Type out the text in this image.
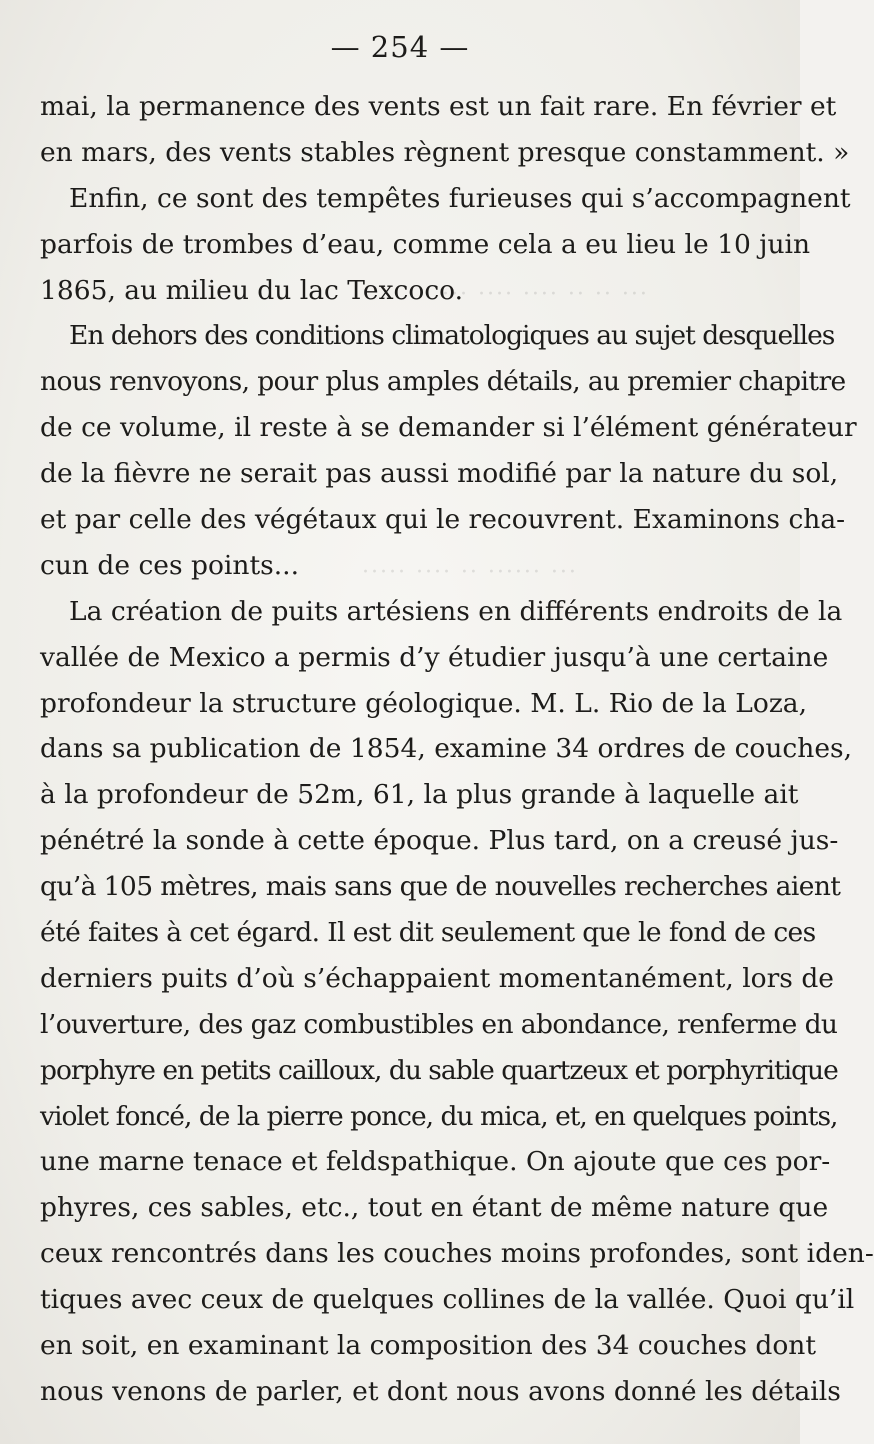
··· ·· ·· ···· ···· ···
··· ······ ·· ···· ·····
— 254 —
mai, la permanence des vents est un fait rare. En février et
en mars, des vents stables règnent presque constamment. »
Enfin, ce sont des tempêtes furieuses qui s’accompagnent
parfois de trombes d’eau, comme cela a eu lieu le 10 juin
1865, au milieu du lac Texcoco.
En dehors des conditions climatologiques au sujet desquelles
nous renvoyons, pour plus amples détails, au premier chapitre
de ce volume, il reste à se demander si l’élément générateur
de la fièvre ne serait pas aussi modifié par la nature du sol,
et par celle des végétaux qui le recouvrent. Examinons cha-
cun de ces points...
La création de puits artésiens en différents endroits de la
vallée de Mexico a permis d’y étudier jusqu’à une certaine
profondeur la structure géologique. M. L. Rio de la Loza,
dans sa publication de 1854, examine 34 ordres de couches,
à la profondeur de 52m, 61, la plus grande à laquelle ait
pénétré la sonde à cette époque. Plus tard, on a creusé jus-
qu’à 105 mètres, mais sans que de nouvelles recherches aient
été faites à cet égard. Il est dit seulement que le fond de ces
derniers puits d’où s’échappaient momentanément, lors de
l’ouverture, des gaz combustibles en abondance, renferme du
porphyre en petits cailloux, du sable quartzeux et porphyritique
violet foncé, de la pierre ponce, du mica, et, en quelques points,
une marne tenace et feldspathique. On ajoute que ces por-
phyres, ces sables, etc., tout en étant de même nature que
ceux rencontrés dans les couches moins profondes, sont iden-
tiques avec ceux de quelques collines de la vallée. Quoi qu’il
en soit, en examinant la composition des 34 couches dont
nous venons de parler, et dont nous avons donné les détails
